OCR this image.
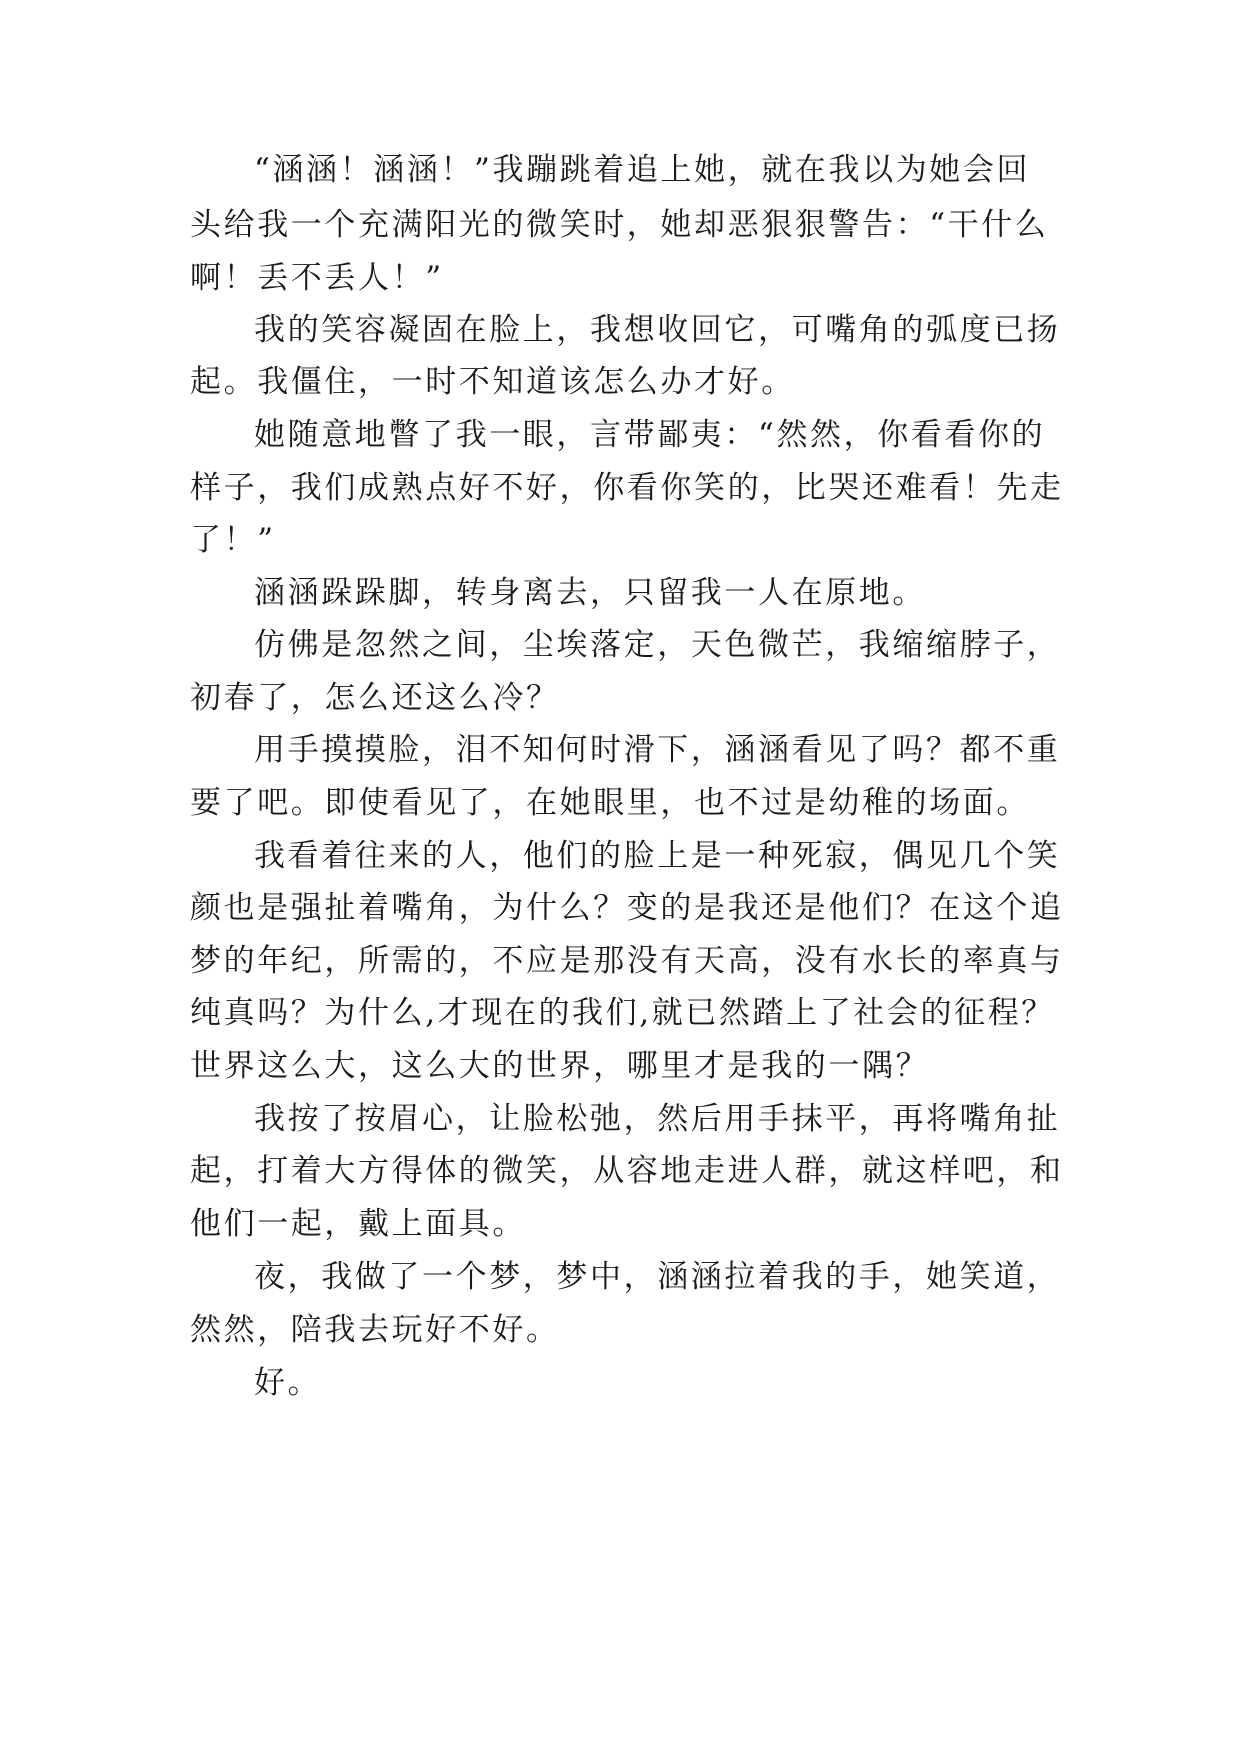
“涵涵！涵涵！”我蹦跳着追上她，就在我以为她会回
头给我一个充满阳光的微笑时，她却恶狠狠警告：“干什么
啊！丢不丢人！”
我的笑容凝固在脸上，我想收回它，可嘴角的弧度已扬
起。我僵住，一时不知道该怎么办才好。
她随意地瞥了我一眼，言带鄙夷：“然然，你看看你的
样子，我们成熟点好不好，你看你笑的，比哭还难看！先走
了！”
涵涵跺跺脚，转身离去，只留我一人在原地。
仿佛是忽然之间，尘埃落定，天色微芒，我缩缩脖子，
初春了，怎么还这么冷？
用手摸摸脸，泪不知何时滑下，涵涵看见了吗？都不重
要了吧。即使看见了，在她眼里，也不过是幼稚的场面。
我看着往来的人，他们的脸上是一种死寂，偶见几个笑
颜也是强扯着嘴角，为什么？变的是我还是他们？在这个追
梦的年纪，所需的，不应是那没有天高，没有水长的率真与
纯真吗？为什么,才现在的我们,就已然踏上了社会的征程？
世界这么大，这么大的世界，哪里才是我的一隅？
我按了按眉心，让脸松弛，然后用手抹平，再将嘴角扯
起，打着大方得体的微笑，从容地走进人群，就这样吧，和
他们一起，戴上面具。
夜，我做了一个梦，梦中，涵涵拉着我的手，她笑道，
然然，陪我去玩好不好。
好。
